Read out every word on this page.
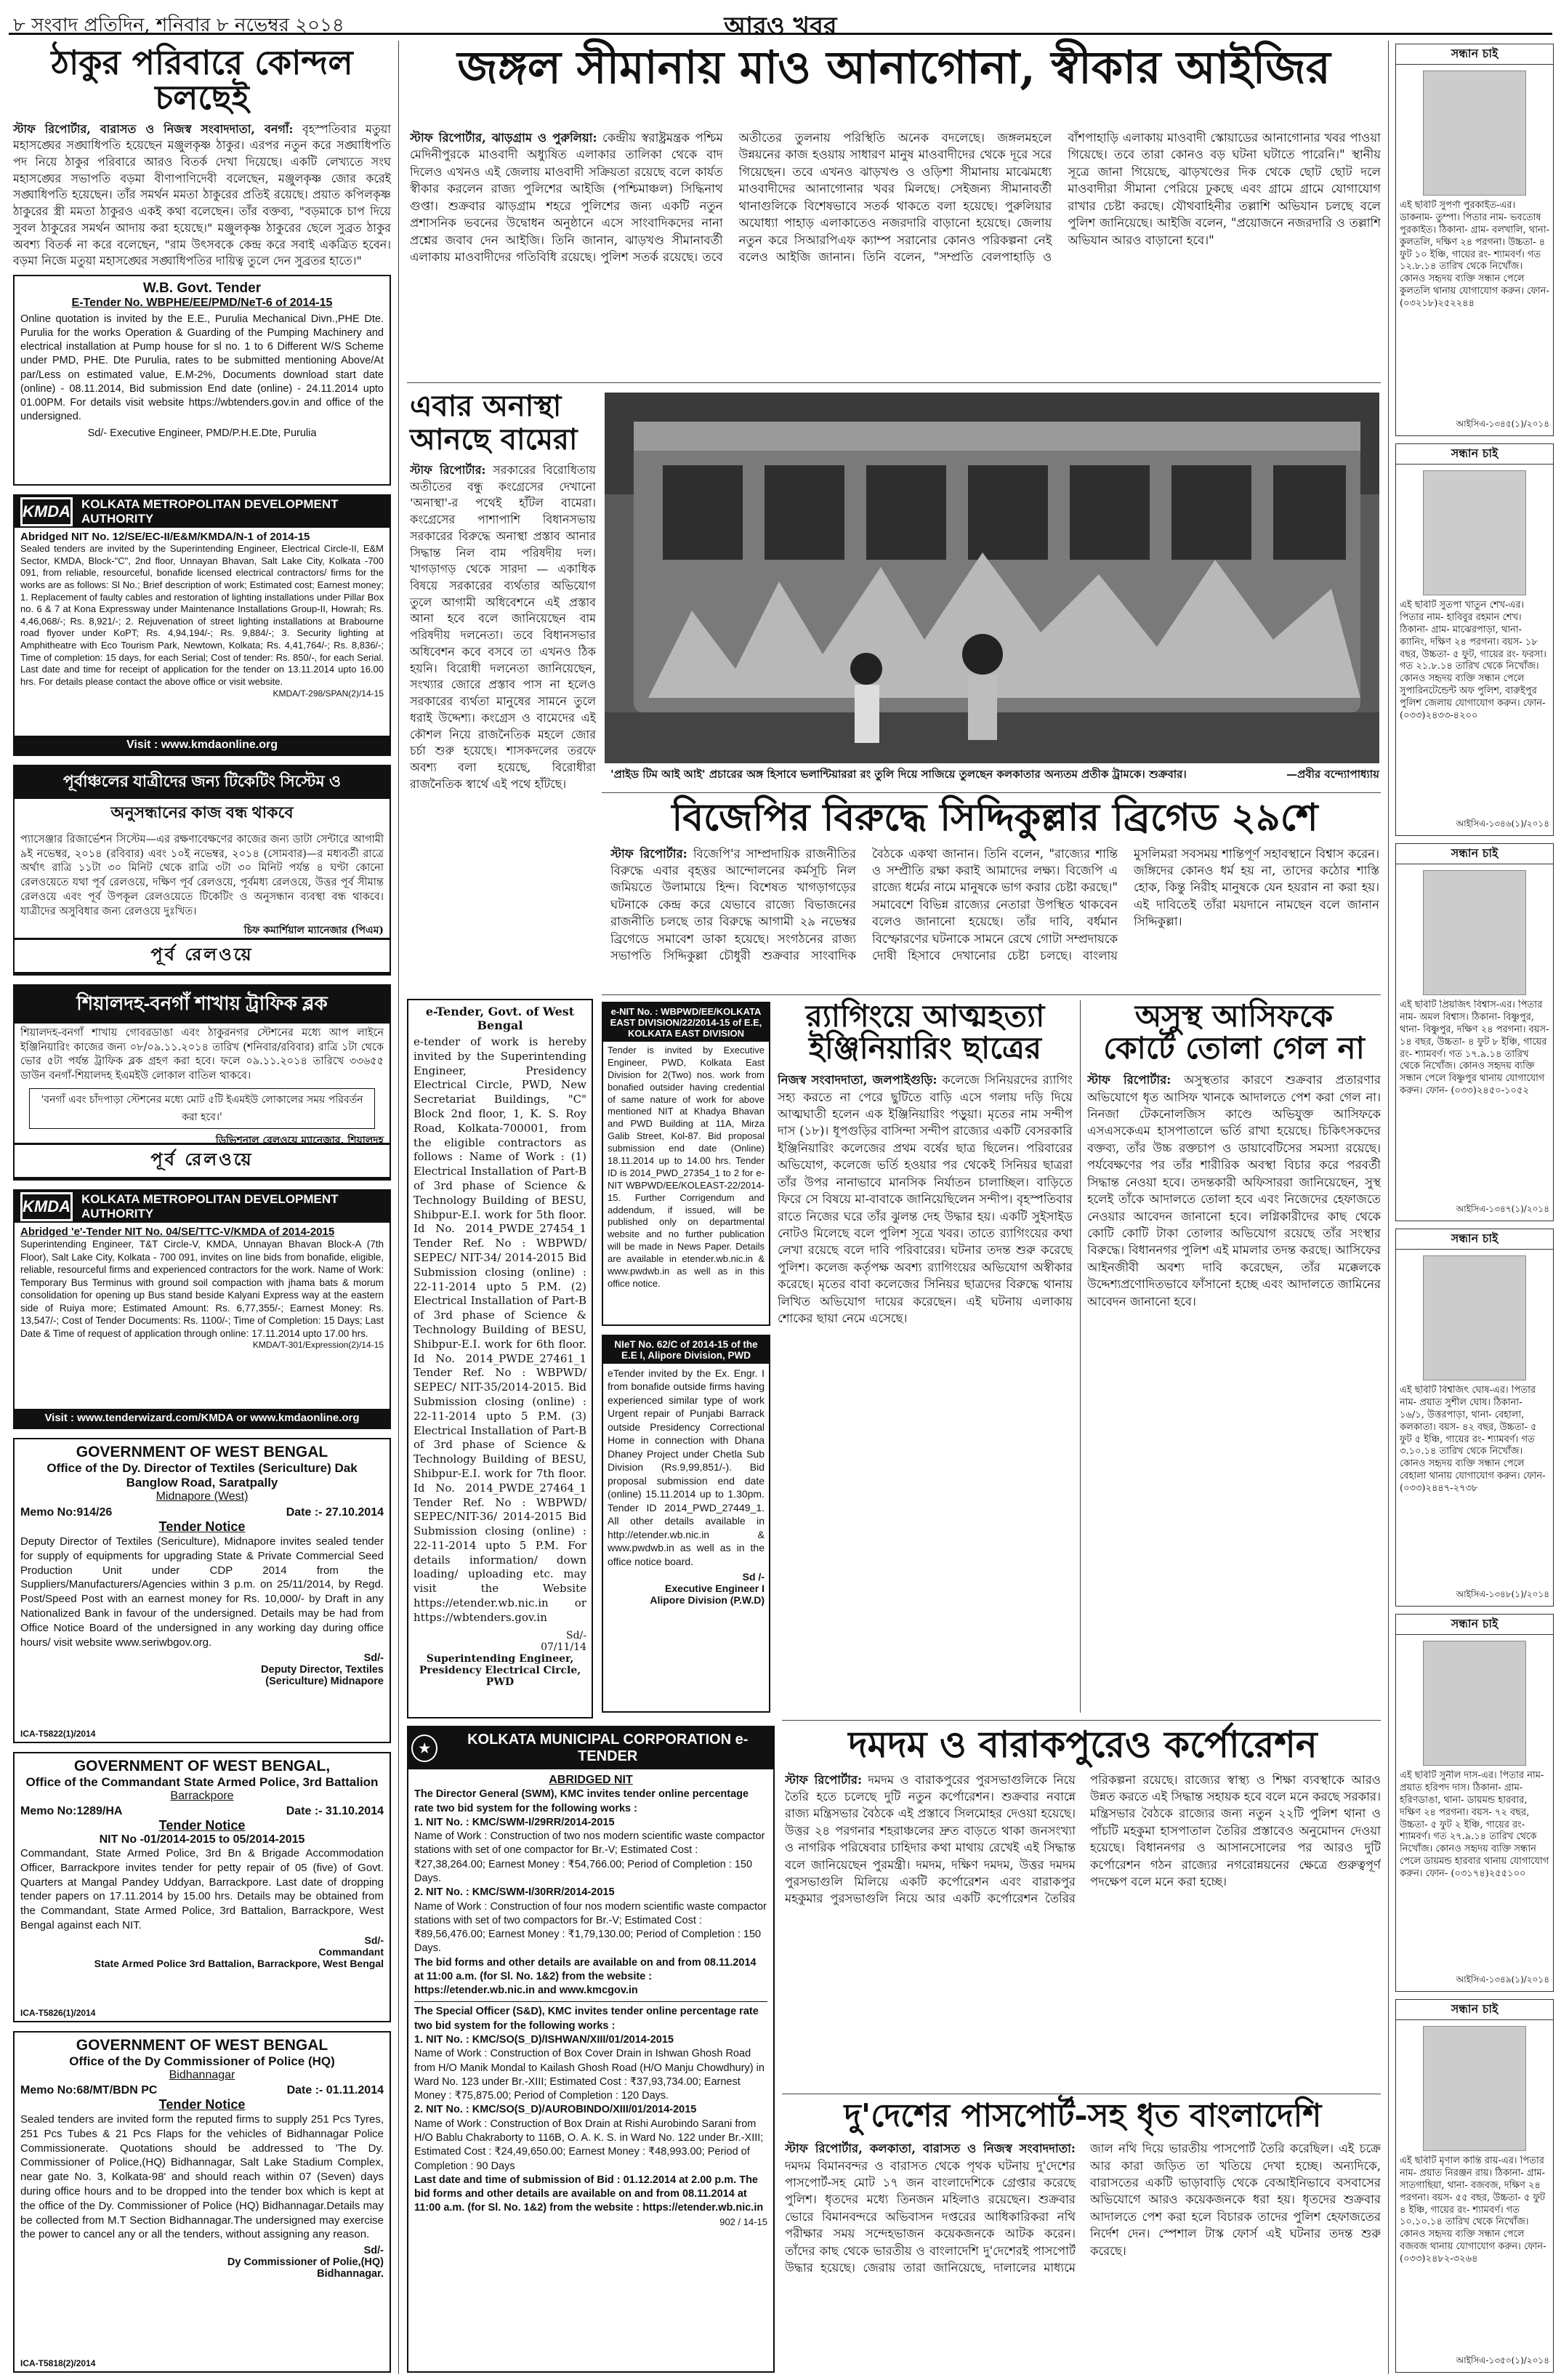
৮ সংবাদ প্রতিদিন, শনিবার ৮ নভেম্বর ২০১৪	আরও খবর
ঠাকুর পরিবারে কোন্দল চলছেই
স্টাফ রিপোর্টার, বারাসত ও নিজস্ব সংবাদদাতা, বনগাঁ: বৃহস্পতিবার মতুয়া মহাসঙ্ঘের সঙ্ঘাধিপতি হয়েছেন মঞ্জুলকৃষ্ণ ঠাকুর। এরপর নতুন করে সঙ্ঘাধিপতি পদ নিয়ে ঠাকুর পরিবারে আরও বিতর্ক দেখা দিয়েছে। একটি লেখ্যতে সংঘ মহাসঙ্ঘের সভাপতি বড়মা বীণাপাণিদেবী বলেছেন, মঞ্জুলকৃষ্ণ জোর করেই সঙ্ঘাধিপতি হয়েছেন। তাঁর সমর্থন মমতা ঠাকুরের প্রতিই রয়েছে। প্রয়াত কপিলকৃষ্ণ ঠাকুরের স্ত্রী মমতা ঠাকুরও একই কথা বলেছেন। তাঁর বক্তব্য, "বড়মাকে চাপ দিয়ে সুবল ঠাকুরের সমর্থন আদায় করা হয়েছে।" মঞ্জুলকৃষ্ণ ঠাকুরের ছেলে সুব্রত ঠাকুর অবশ্য বিতর্ক না করে বলেছেন, "রাম উৎসবকে কেন্দ্র করে সবাই একত্রিত হবেন। বড়মা নিজে মতুয়া মহাসঙ্ঘের সঙ্ঘাধিপতির দায়িত্ব তুলে দেন সুব্রতর হাতে।"
W.B. Govt. Tender
E-Tender No. WBPHE/EE/PMD/NeT-6 of 2014-15
Online quotation is invited by the E.E., Purulia Mechanical Divn.,PHE Dte. Purulia for the works Operation & Guarding of the Pumping Machinery and electrical installation at Pump house for sl no. 1 to 6 Different W/S Scheme under PMD, PHE. Dte Purulia, rates to be submitted mentioning Above/At par/Less on estimated value, E.M-2%, Documents download start date (online) - 08.11.2014, Bid submission End date (online) - 24.11.2014 upto 01.00PM. For details visit website https://wbtenders.gov.in and office of the undersigned.
Sd/- Executive Engineer, PMD/P.H.E.Dte, Purulia
KMDA KOLKATA METROPOLITAN DEVELOPMENT AUTHORITY
Abridged NIT No. 12/SE/EC-II/E&M/KMDA/N-1 of 2014-15
Sealed tenders are invited by the Superintending Engineer, Electrical Circle-II, E&M Sector, KMDA, Block-"C", 2nd floor, Unnayan Bhavan, Salt Lake City, Kolkata -700 091, from reliable, resourceful, bonafide licensed electrical contractors/ firms for the works are as follows: Sl No.; Brief description of work; Estimated cost; Earnest money; 1. Replacement of faulty cables and restoration of lighting installations under Pillar Box no. 6 & 7 at Kona Expressway under Maintenance Installations Group-II, Howrah; Rs. 4,46,068/-; Rs. 8,921/-; 2. Rejuvenation of street lighting installations at Brabourne road flyover under KoPT; Rs. 4,94,194/-; Rs. 9,884/-; 3. Security lighting at Amphitheatre with Eco Tourism Park, Newtown, Kolkata; Rs. 4,41,764/-; Rs. 8,836/-; Time of completion: 15 days, for each Serial; Cost of tender: Rs. 850/-, for each Serial. Last date and time for receipt of application for the tender on 13.11.2014 upto 16.00 hrs. For details please contact the above office or visit website.
KMDA/T-298/SPAN(2)/14-15
Visit : www.kmdaonline.org
পূর্বাঞ্চলের যাত্রীদের জন্য টিকেটিং সিস্টেম ও
অনুসন্ধানের কাজ বন্ধ থাকবে
প্যাসেঞ্জার রিজার্ভেশন সিস্টেম—এর রক্ষণাবেক্ষণের কাজের জন্য ডাটা সেন্টারে আগামী ৯ই নভেম্বর, ২০১৪ (রবিবার) এবং ১০ই নভেম্বর, ২০১৪ (সোমবার)—র মধ্যবর্তী রাত্রে অর্থাৎ রাত্রি ১১টা ৩০ মিনিট থেকে রাত্রি ৩টা ৩০ মিনিট পর্যন্ত ৪ ঘণ্টা কোনো রেলওয়েতে যথা পূর্ব রেলওয়ে, দক্ষিণ পূর্ব রেলওয়ে, পূর্বমধ্য রেলওয়ে, উত্তর পূর্ব সীমান্ত রেলওয়ে এবং পূর্ব উপকূল রেলওয়েতে টিকেটিং ও অনুসন্ধান ব্যবস্থা বন্ধ থাকবে। যাত্রীদের অসুবিধার জন্য রেলওয়ে দুঃখিত।
চিফ কমার্শিয়াল ম্যানেজার (পিএম)
পূর্ব রেলওয়ে
শিয়ালদহ-বনগাঁ শাখায় ট্রাফিক ব্লক
শিয়ালদহ-বনগাঁ শাখায় গোবরডাঙা এবং ঠাকুরনগর স্টেশনের মধ্যে আপ লাইনে ইঞ্জিনিয়ারিং কাজের জন্য ০৮/০৯.১১.২০১৪ তারিখ (শনিবার/রবিবার) রাত্রি ১টা থেকে ভোর ৫টা পর্যন্ত ট্রাফিক ব্লক গ্রহণ করা হবে। ফলে ০৯.১১.২০১৪ তারিখে ৩৩৬৫৫ ডাউন বনগাঁ-শিয়ালদহ ইএমইউ লোকাল বাতিল থাকবে।
'বনগাঁ এবং চাঁদপাড়া স্টেশনের মধ্যে মোট ৫টি ইএমইউ লোকালের সময় পরিবর্তন করা হবে।'
ডিভিশনাল রেলওয়ে ম্যানেজার, শিয়ালদহ
পূর্ব রেলওয়ে
KMDA KOLKATA METROPOLITAN DEVELOPMENT AUTHORITY
Abridged 'e'-Tender NIT No. 04/SE/TTC-V/KMDA of 2014-2015
Superintending Engineer, T&T Circle-V, KMDA, Unnayan Bhavan Block-A (7th Floor), Salt Lake City, Kolkata - 700 091, invites on line bids from bonafide, eligible, reliable, resourceful firms and experienced contractors for the work. Name of Work: Temporary Bus Terminus with ground soil compaction with jhama bats & morum consolidation for opening up Bus stand beside Kalyani Express way at the eastern side of Ruiya more; Estimated Amount: Rs. 6,77,355/-; Earnest Money: Rs. 13,547/-; Cost of Tender Documents: Rs. 1100/-; Time of Completion: 15 Days; Last Date & Time of request of application through online: 17.11.2014 upto 17.00 hrs.
KMDA/T-301/Expression(2)/14-15
Visit : www.tenderwizard.com/KMDA or www.kmdaonline.org
GOVERNMENT OF WEST BENGAL
Office of the Dy. Director of Textiles (Sericulture) Dak Banglow Road, Saratpally
Midnapore (West)
Memo No:914/26	Date :- 27.10.2014
Tender Notice
Deputy Director of Textiles (Sericulture), Midnapore invites sealed tender for supply of equipments for upgrading State & Private Commercial Seed Production Unit under CDP 2014 from the Suppliers/Manufacturers/Agencies within 3 p.m. on 25/11/2014, by Regd. Post/Speed Post with an earnest money for Rs. 10,000/- by Draft in any Nationalized Bank in favour of the undersigned. Details may be had from Office Notice Board of the undersigned in any working day during office hours/ visit website www.seriwbgov.org.
Sd/-
Deputy Director, Textiles
(Sericulture) Midnapore
ICA-T5822(1)/2014
GOVERNMENT OF WEST BENGAL,
Office of the Commandant State Armed Police, 3rd Battalion
Barrackpore
Memo No:1289/HA	Date :- 31.10.2014
Tender Notice
NIT No -01/2014-2015 to 05/2014-2015
Commandant, State Armed Police, 3rd Bn & Brigade Accommodation Officer, Barrackpore invites tender for petty repair of 05 (five) of Govt. Quarters at Mangal Pandey Uddyan, Barrackpore. Last date of dropping tender papers on 17.11.2014 by 15.00 hrs. Details may be obtained from the Commandant, State Armed Police, 3rd Battalion, Barrackpore, West Bengal against each NIT.
Sd/-
Commandant
State Armed Police 3rd Battalion, Barrackpore, West Bengal
ICA-T5826(1)/2014
GOVERNMENT OF WEST BENGAL
Office of the Dy Commissioner of Police (HQ)
Bidhannagar
Memo No:68/MT/BDN PC	Date :- 01.11.2014
Tender Notice
Sealed tenders are invited form the reputed firms to supply 251 Pcs Tyres, 251 Pcs Tubes & 21 Pcs Flaps for the vehicles of Bidhannagar Police Commissionerate. Quotations should be addressed to 'The Dy. Commissioner of Police,(HQ) Bidhannagar, Salt Lake Stadium Complex, near gate No. 3, Kolkata-98' and should reach within 07 (Seven) days during office hours and to be dropped into the tender box which is kept at the office of the Dy. Commissioner of Police (HQ) Bidhannagar.Details may be collected from M.T Section Bidhannagar.The undersigned may exercise the power to cancel any or all the tenders, without assigning any reason.
Sd/-
Dy Commissioner of Polie,(HQ)
Bidhannagar.
ICA-T5818(2)/2014
জঙ্গল সীমানায় মাও আনাগোনা, স্বীকার আইজির
স্টাফ রিপোর্টার, ঝাড়গ্রাম ও পুরুলিয়া: কেন্দ্রীয় স্বরাষ্ট্রমন্ত্রক পশ্চিম মেদিনীপুরকে মাওবাদী অধ্যুষিত এলাকার তালিকা থেকে বাদ দিলেও এখনও এই জেলায় মাওবাদী সক্রিয়তা রয়েছে বলে কার্যত স্বীকার করলেন রাজ্য পুলিশের আইজি (পশ্চিমাঞ্চল) সিদ্ধিনাথ গুপ্তা। শুক্রবার ঝাড়গ্রাম শহরে পুলিশের জন্য একটি নতুন প্রশাসনিক ভবনের উদ্বোধন অনুষ্ঠানে এসে সাংবাদিকদের নানা প্রশ্নের জবাব দেন আইজি। তিনি জানান, ঝাড়খণ্ড সীমানাবর্তী এলাকায় মাওবাদীদের গতিবিধি রয়েছে। পুলিশ সতর্ক রয়েছে। তবে অতীতের তুলনায় পরিস্থিতি অনেক বদলেছে। জঙ্গলমহলে উন্নয়নের কাজ হওয়ায় সাধারণ মানুষ মাওবাদীদের থেকে দূরে সরে গিয়েছেন। তবে এখনও ঝাড়খণ্ড ও ওড়িশা সীমানায় মাঝেমধ্যে মাওবাদীদের আনাগোনার খবর মিলছে। সেইজন্য সীমানাবর্তী থানাগুলিকে বিশেষভাবে সতর্ক থাকতে বলা হয়েছে। পুরুলিয়ার অযোধ্যা পাহাড় এলাকাতেও নজরদারি বাড়ানো হয়েছে। জেলায় নতুন করে সিআরপিএফ ক্যাম্প সরানোর কোনও পরিকল্পনা নেই বলেও আইজি জানান। তিনি বলেন, "সম্প্রতি বেলপাহাড়ি ও বাঁশপাহাড়ি এলাকায় মাওবাদী স্কোয়াডের আনাগোনার খবর পাওয়া গিয়েছে। তবে তারা কোনও বড় ঘটনা ঘটাতে পারেনি।" স্থানীয় সূত্রে জানা গিয়েছে, ঝাড়খণ্ডের দিক থেকে ছোট ছোট দলে মাওবাদীরা সীমানা পেরিয়ে ঢুকছে এবং গ্রামে গ্রামে যোগাযোগ রাখার চেষ্টা করছে। যৌথবাহিনীর তল্লাশি অভিযান চলছে বলে পুলিশ জানিয়েছে। আইজি বলেন, "প্রয়োজনে নজরদারি ও তল্লাশি অভিযান আরও বাড়ানো হবে।"
এবার অনাস্থা
আনছে বামেরা
স্টাফ রিপোর্টার: সরকারের বিরোধিতায় অতীতের বন্ধু কংগ্রেসের দেখানো 'অনাস্থা'-র পথেই হাঁটল বামেরা। কংগ্রেসের পাশাপাশি বিধানসভায় সরকারের বিরুদ্ধে অনাস্থা প্রস্তাব আনার সিদ্ধান্ত নিল বাম পরিষদীয় দল। খাগড়াগড় থেকে সারদা — একাধিক বিষয়ে সরকারের ব্যর্থতার অভিযোগ তুলে আগামী অধিবেশনে এই প্রস্তাব আনা হবে বলে জানিয়েছেন বাম পরিষদীয় দলনেতা। তবে বিধানসভার অধিবেশন কবে বসবে তা এখনও ঠিক হয়নি। বিরোধী দলনেতা জানিয়েছেন, সংখ্যার জোরে প্রস্তাব পাস না হলেও সরকারের ব্যর্থতা মানুষের সামনে তুলে ধরাই উদ্দেশ্য। কংগ্রেস ও বামেদের এই কৌশল নিয়ে রাজনৈতিক মহলে জোর চর্চা শুরু হয়েছে। শাসকদলের তরফে অবশ্য বলা হয়েছে, বিরোধীরা রাজনৈতিক স্বার্থে এই পথে হাঁটছে।
'প্রাইড টিম আই আই' প্রচারের অঙ্গ হিসাবে ভলান্টিয়াররা রং তুলি দিয়ে সাজিয়ে তুলছেন কলকাতার অন্যতম প্রতীক ট্রামকে। শুক্রবার।	—প্রবীর বন্দ্যোপাধ্যায়
বিজেপির বিরুদ্ধে সিদ্দিকুল্লার ব্রিগেড ২৯শে
স্টাফ রিপোর্টার: বিজেপি'র সাম্প্রদায়িক রাজনীতির বিরুদ্ধে এবার বৃহত্তর আন্দোলনের কর্মসূচি নিল জমিয়তে উলামায়ে হিন্দ। বিশেষত খাগড়াগড়ের ঘটনাকে কেন্দ্র করে যেভাবে রাজ্যে বিভাজনের রাজনীতি চলছে তার বিরুদ্ধে আগামী ২৯ নভেম্বর ব্রিগেডে সমাবেশ ডাকা হয়েছে। সংগঠনের রাজ্য সভাপতি সিদ্দিকুল্লা চৌধুরী শুক্রবার সাংবাদিক বৈঠকে একথা জানান। তিনি বলেন, "রাজ্যের শান্তি ও সম্প্রীতি রক্ষা করাই আমাদের লক্ষ্য। বিজেপি এ রাজ্যে ধর্মের নামে মানুষকে ভাগ করার চেষ্টা করছে।" সমাবেশে বিভিন্ন রাজ্যের নেতারা উপস্থিত থাকবেন বলেও জানানো হয়েছে। তাঁর দাবি, বর্ধমান বিস্ফোরণের ঘটনাকে সামনে রেখে গোটা সম্প্রদায়কে দোষী হিসাবে দেখানোর চেষ্টা চলছে। বাংলায় মুসলিমরা সবসময় শান্তিপূর্ণ সহাবস্থানে বিশ্বাস করেন। জঙ্গিদের কোনও ধর্ম হয় না, তাদের কঠোর শাস্তি হোক, কিন্তু নিরীহ মানুষকে যেন হয়রান না করা হয়। এই দাবিতেই তাঁরা ময়দানে নামছেন বলে জানান সিদ্দিকুল্লা।
e-Tender, Govt. of West Bengal
e-tender of work is hereby invited by the Superintending Engineer, Presidency Electrical Circle, PWD, New Secretariat Buildings, "C" Block 2nd floor, 1, K. S. Roy Road, Kolkata-700001, from the eligible contractors as follows : Name of Work : (1) Electrical Installation of Part-B of 3rd phase of Science & Technology Building of BESU, Shibpur-E.I. work for 5th floor. Id No. 2014_PWDE_27454_1 Tender Ref. No : WBPWD/ SEPEC/ NIT-34/ 2014-2015 Bid Submission closing (online) : 22-11-2014 upto 5 P.M. (2) Electrical Installation of Part-B of 3rd phase of Science & Technology Building of BESU, Shibpur-E.I. work for 6th floor. Id No. 2014_PWDE_27461_1 Tender Ref. No : WBPWD/ SEPEC/ NIT-35/2014-2015. Bid Submission closing (online) : 22-11-2014 upto 5 P.M. (3) Electrical Installation of Part-B of 3rd phase of Science & Technology Building of BESU, Shibpur-E.I. work for 7th floor. Id No. 2014_PWDE_27464_1 Tender Ref. No : WBPWD/ SEPEC/NIT-36/ 2014-2015 Bid Submission closing (online) : 22-11-2014 upto 5 P.M. For details information/ down loading/ uploading etc. may visit the Website https://etender.wb.nic.in or https://wbtenders.gov.in
Sd/-
07/11/14
Superintending Engineer, Presidency Electrical Circle, PWD
e-NIT No. : WBPWD/EE/KOLKATA EAST DIVISION/22/2014-15 of E.E, KOLKATA EAST DIVISION
Tender is invited by Executive Engineer, PWD, Kolkata East Division for 2(Two) nos. work from bonafied outsider having credential of same nature of work for above mentioned NIT at Khadya Bhavan and PWD Building at 11A, Mirza Galib Street, Kol-87. Bid proposal submission end date (Online) 18.11.2014 up to 14.00 hrs. Tender ID is 2014_PWD_27354_1 to 2 for e-NIT WBPWD/EE/KOLEAST-22/2014-15. Further Corrigendum and addendum, if issued, will be published only on departmental website and no further publication will be made in News Paper. Details are available in etender.wb.nic.in & www.pwdwb.in as well as in this office notice.
NIeT No. 62/C of 2014-15 of the E.E I, Alipore Division, PWD
eTender invited by the Ex. Engr. I from bonafide outside firms having experienced similar type of work Urgent repair of Punjabi Barrack outside Presidency Correctional Home in connection with Dhana Dhaney Project under Chetla Sub Division (Rs.9,99,851/-). Bid proposal submission end date (online) 15.11.2014 up to 1.30pm. Tender ID 2014_PWD_27449_1. All other details available in http://etender.wb.nic.in & www.pwdwb.in as well as in the office notice board.
Sd /-
Executive Engineer I
Alipore Division (P.W.D)
র‍্যাগিংয়ে আত্মহত্যা
ইঞ্জিনিয়ারিং ছাত্রের
নিজস্ব সংবাদদাতা, জলপাইগুড়ি: কলেজে সিনিয়রদের র‍্যাগিং সহ্য করতে না পেরে ছুটিতে বাড়ি এসে গলায় দড়ি দিয়ে আত্মঘাতী হলেন এক ইঞ্জিনিয়ারিং পড়ুয়া। মৃতের নাম সন্দীপ দাস (১৮)। ধূপগুড়ির বাসিন্দা সন্দীপ রাজ্যের একটি বেসরকারি ইঞ্জিনিয়ারিং কলেজের প্রথম বর্ষের ছাত্র ছিলেন। পরিবারের অভিযোগ, কলেজে ভর্তি হওয়ার পর থেকেই সিনিয়র ছাত্ররা তাঁর উপর নানাভাবে মানসিক নির্যাতন চালাচ্ছিল। বাড়িতে ফিরে সে বিষয়ে মা-বাবাকে জানিয়েছিলেন সন্দীপ। বৃহস্পতিবার রাতে নিজের ঘরে তাঁর ঝুলন্ত দেহ উদ্ধার হয়। একটি সুইসাইড নোটও মিলেছে বলে পুলিশ সূত্রে খবর। তাতে র‍্যাগিংয়ের কথা লেখা রয়েছে বলে দাবি পরিবারের। ঘটনার তদন্ত শুরু করেছে পুলিশ। কলেজ কর্তৃপক্ষ অবশ্য র‍্যাগিংয়ের অভিযোগ অস্বীকার করেছে। মৃতের বাবা কলেজের সিনিয়র ছাত্রদের বিরুদ্ধে থানায় লিখিত অভিযোগ দায়ের করেছেন। এই ঘটনায় এলাকায় শোকের ছায়া নেমে এসেছে।
অসুস্থ আসিফকে
কোর্টে তোলা গেল না
স্টাফ রিপোর্টার: অসুস্থতার কারণে শুক্রবার প্রতারণার অভিযোগে ধৃত আসিফ খানকে আদালতে পেশ করা গেল না। নিনজা টেকনোলজিস কাণ্ডে অভিযুক্ত আসিফকে এসএসকেএম হাসপাতালে ভর্তি রাখা হয়েছে। চিকিৎসকদের বক্তব্য, তাঁর উচ্চ রক্তচাপ ও ডায়াবেটিসের সমস্যা রয়েছে। পর্যবেক্ষণের পর তাঁর শারীরিক অবস্থা বিচার করে পরবর্তী সিদ্ধান্ত নেওয়া হবে। তদন্তকারী অফিসাররা জানিয়েছেন, সুস্থ হলেই তাঁকে আদালতে তোলা হবে এবং নিজেদের হেফাজতে নেওয়ার আবেদন জানানো হবে। লগ্নিকারীদের কাছ থেকে কোটি কোটি টাকা তোলার অভিযোগ রয়েছে তাঁর সংস্থার বিরুদ্ধে। বিধাননগর পুলিশ এই মামলার তদন্ত করছে। আসিফের আইনজীবী অবশ্য দাবি করেছেন, তাঁর মক্কেলকে উদ্দেশ্যপ্রণোদিতভাবে ফাঁসানো হচ্ছে এবং আদালতে জামিনের আবেদন জানানো হবে।
★
KOLKATA MUNICIPAL CORPORATION e-TENDER
ABRIDGED NIT
The Director General (SWM), KMC invites tender online percentage rate two bid system for the following works :
1. NIT No. : KMC/SWM-I/29RR/2014-2015
Name of Work : Construction of two nos modern scientific waste compactor stations with set of one compactor for Br.-V; Estimated Cost : ₹27,38,264.00; Earnest Money : ₹54,766.00; Period of Completion : 150 Days.
2. NIT No. : KMC/SWM-I/30RR/2014-2015
Name of Work : Construction of four nos modern scientific waste compactor stations with set of two compactors for Br.-V; Estimated Cost : ₹89,56,476.00; Earnest Money : ₹1,79,130.00; Period of Completion : 150 Days.
The bid forms and other details are available on and from 08.11.2014 at 11:00 a.m. (for Sl. No. 1&2) from the website : https://etender.wb.nic.in and www.kmcgov.in
The Special Officer (S&D), KMC invites tender online percentage rate two bid system for the following works :
1. NIT No. : KMC/SO(S_D)/ISHWAN/XIII/01/2014-2015
Name of Work : Construction of Box Cover Drain in Ishwan Ghosh Road from H/O Manik Mondal to Kailash Ghosh Road (H/O Manju Chowdhury) in Ward No. 123 under Br.-XIII; Estimated Cost : ₹37,93,734.00; Earnest Money : ₹75,875.00; Period of Completion : 120 Days.
2. NIT No. : KMC/SO(S_D)/AUROBINDO/XIII/01/2014-2015
Name of Work : Construction of Box Drain at Rishi Aurobindo Sarani from H/O Bablu Chakraborty to 116B, O. A. K. S. in Ward No. 122 under Br.-XIII; Estimated Cost : ₹24,49,650.00; Earnest Money : ₹48,993.00; Period of Completion : 90 Days
Last date and time of submission of Bid : 01.12.2014 at 2.00 p.m. The bid forms and other details are available on and from 08.11.2014 at 11:00 a.m. (for Sl. No. 1&2) from the website : https://etender.wb.nic.in
902 / 14-15
দমদম ও বারাকপুরেও কর্পোরেশন
স্টাফ রিপোর্টার: দমদম ও বারাকপুরের পুরসভাগুলিকে নিয়ে তৈরি হতে চলেছে দুটি নতুন কর্পোরেশন। শুক্রবার নবান্নে রাজ্য মন্ত্রিসভার বৈঠকে এই প্রস্তাবে সিলমোহর দেওয়া হয়েছে। উত্তর ২৪ পরগনার শহরাঞ্চলের দ্রুত বাড়তে থাকা জনসংখ্যা ও নাগরিক পরিষেবার চাহিদার কথা মাথায় রেখেই এই সিদ্ধান্ত বলে জানিয়েছেন পুরমন্ত্রী। দমদম, দক্ষিণ দমদম, উত্তর দমদম পুরসভাগুলি মিলিয়ে একটি কর্পোরেশন এবং বারাকপুর মহকুমার পুরসভাগুলি নিয়ে আর একটি কর্পোরেশন তৈরির পরিকল্পনা রয়েছে। রাজ্যের স্বাস্থ্য ও শিক্ষা ব্যবস্থাকে আরও উন্নত করতে এই সিদ্ধান্ত সহায়ক হবে বলে মনে করছে সরকার। মন্ত্রিসভার বৈঠকে রাজ্যের জন্য নতুন ২২টি পুলিশ থানা ও পাঁচটি মহকুমা হাসপাতাল তৈরির প্রস্তাবেও অনুমোদন দেওয়া হয়েছে। বিধাননগর ও আসানসোলের পর আরও দুটি কর্পোরেশন গঠন রাজ্যের নগরোন্নয়নের ক্ষেত্রে গুরুত্বপূর্ণ পদক্ষেপ বলে মনে করা হচ্ছে।
দু'দেশের পাসপোর্ট-সহ ধৃত বাংলাদেশি
স্টাফ রিপোর্টার, কলকাতা, বারাসত ও নিজস্ব সংবাদদাতা: দমদম বিমানবন্দর ও বারাসত থেকে পৃথক ঘটনায় দু'দেশের পাসপোর্ট-সহ মোট ১৭ জন বাংলাদেশিকে গ্রেপ্তার করেছে পুলিশ। ধৃতদের মধ্যে তিনজন মহিলাও রয়েছেন। শুক্রবার ভোরে বিমানবন্দরে অভিবাসন দপ্তরের আধিকারিকরা নথি পরীক্ষার সময় সন্দেহভাজন কয়েকজনকে আটক করেন। তাঁদের কাছ থেকে ভারতীয় ও বাংলাদেশি দু'দেশেরই পাসপোর্ট উদ্ধার হয়েছে। জেরায় তারা জানিয়েছে, দালালের মাধ্যমে জাল নথি দিয়ে ভারতীয় পাসপোর্ট তৈরি করেছিল। এই চক্রে আর কারা জড়িত তা খতিয়ে দেখা হচ্ছে। অন্যদিকে, বারাসতের একটি ভাড়াবাড়ি থেকে বেআইনিভাবে বসবাসের অভিযোগে আরও কয়েকজনকে ধরা হয়। ধৃতদের শুক্রবার আদালতে পেশ করা হলে বিচারক তাদের পুলিশ হেফাজতের নির্দেশ দেন। স্পেশাল টাস্ক ফোর্স এই ঘটনার তদন্ত শুরু করেছে।
সন্ধান চাই
এই ছবিটি সুপর্ণা পুরকাইত-এর। ডাকনাম- তুম্পা। পিতার নাম- ভবতোষ পুরকাইত। ঠিকানা- গ্রাম- বলখালি, থানা- কুলতলি, দক্ষিণ ২৪ পরগনা। উচ্চতা- ৪ ফুট ১০ ইঞ্চি, গায়ের রং- শ্যামবর্ণ। গত ১২.৮.১৪ তারিখ থেকে নিখোঁজ। কোনও সহৃদয় ব্যক্তি সন্ধান পেলে কুলতলি থানায় যোগাযোগ করুন। ফোন- (০৩২১৮)২৫২২৪৪
আইসিএ-১৩৪৫(১)/২০১৪
সন্ধান চাই
এই ছবিটি সুতপা খাতুন শেখ-এর। পিতার নাম- হাবিবুর রহমান শেখ। ঠিকানা- গ্রাম- মাঝেরপাড়া, থানা- ক্যানিং, দক্ষিণ ২৪ পরগনা। বয়স- ১৮ বছর, উচ্চতা- ৫ ফুট, গায়ের রং- ফরসা। গত ২১.৮.১৪ তারিখ থেকে নিখোঁজ। কোনও সহৃদয় ব্যক্তি সন্ধান পেলে সুপারিনটেন্ডেন্ট অফ পুলিশ, বারুইপুর পুলিশ জেলায় যোগাযোগ করুন। ফোন- (০৩৩)২৪৩৩-৪২০০
আইসিএ-১৩৪৬(১)/২০১৪
সন্ধান চাই
এই ছবিটি প্রিয়জিৎ বিশ্বাস-এর। পিতার নাম- অমল বিশ্বাস। ঠিকানা- বিষ্ণুপুর, থানা- বিষ্ণুপুর, দক্ষিণ ২৪ পরগনা। বয়স- ১৪ বছর, উচ্চতা- ৪ ফুট ৮ ইঞ্চি, গায়ের রং- শ্যামবর্ণ। গত ১৭.৯.১৪ তারিখ থেকে নিখোঁজ। কোনও সহৃদয় ব্যক্তি সন্ধান পেলে বিষ্ণুপুর থানায় যোগাযোগ করুন। ফোন- (০৩৩)২৪৫০-১০৫২
আইসিএ-১৩৪৭(১)/২০১৪
সন্ধান চাই
এই ছবিটি বিশ্বজিৎ ঘোষ-এর। পিতার নাম- প্রয়াত সুশীল ঘোষ। ঠিকানা- ১৬/১, উত্তরপাড়া, থানা- বেহালা, কলকাতা। বয়স- ৪২ বছর, উচ্চতা- ৫ ফুট ৫ ইঞ্চি, গায়ের রং- শ্যামবর্ণ। গত ৩.১০.১৪ তারিখ থেকে নিখোঁজ। কোনও সহৃদয় ব্যক্তি সন্ধান পেলে বেহালা থানায় যোগাযোগ করুন। ফোন- (০৩৩)২৪৪৭-২৭৩৮
আইসিএ-১৩৪৮(১)/২০১৪
সন্ধান চাই
এই ছবিটি সুনীল দাস-এর। পিতার নাম- প্রয়াত হরিপদ দাস। ঠিকানা- গ্রাম- হরিণডাঙা, থানা- ডায়মন্ড হারবার, দক্ষিণ ২৪ পরগনা। বয়স- ৭২ বছর, উচ্চতা- ৫ ফুট ২ ইঞ্চি, গায়ের রং- শ্যামবর্ণ। গত ২৭.৯.১৪ তারিখ থেকে নিখোঁজ। কোনও সহৃদয় ব্যক্তি সন্ধান পেলে ডায়মন্ড হারবার থানায় যোগাযোগ করুন। ফোন- (০৩১৭৪)২৫৫১০০
আইসিএ-১৩৪৯(১)/২০১৪
সন্ধান চাই
এই ছবিটি মৃণাল কান্তি রায়-এর। পিতার নাম- প্রয়াত নিরঞ্জন রায়। ঠিকানা- গ্রাম- সাতগাছিয়া, থানা- বজবজ, দক্ষিণ ২৪ পরগনা। বয়স- ৫৫ বছর, উচ্চতা- ৫ ফুট ৪ ইঞ্চি, গায়ের রং- শ্যামবর্ণ। গত ১০.১০.১৪ তারিখ থেকে নিখোঁজ। কোনও সহৃদয় ব্যক্তি সন্ধান পেলে বজবজ থানায় যোগাযোগ করুন। ফোন- (০৩৩)২৪৮২-৩২৬৪
আইসিএ-১৩৫০(১)/২০১৪
